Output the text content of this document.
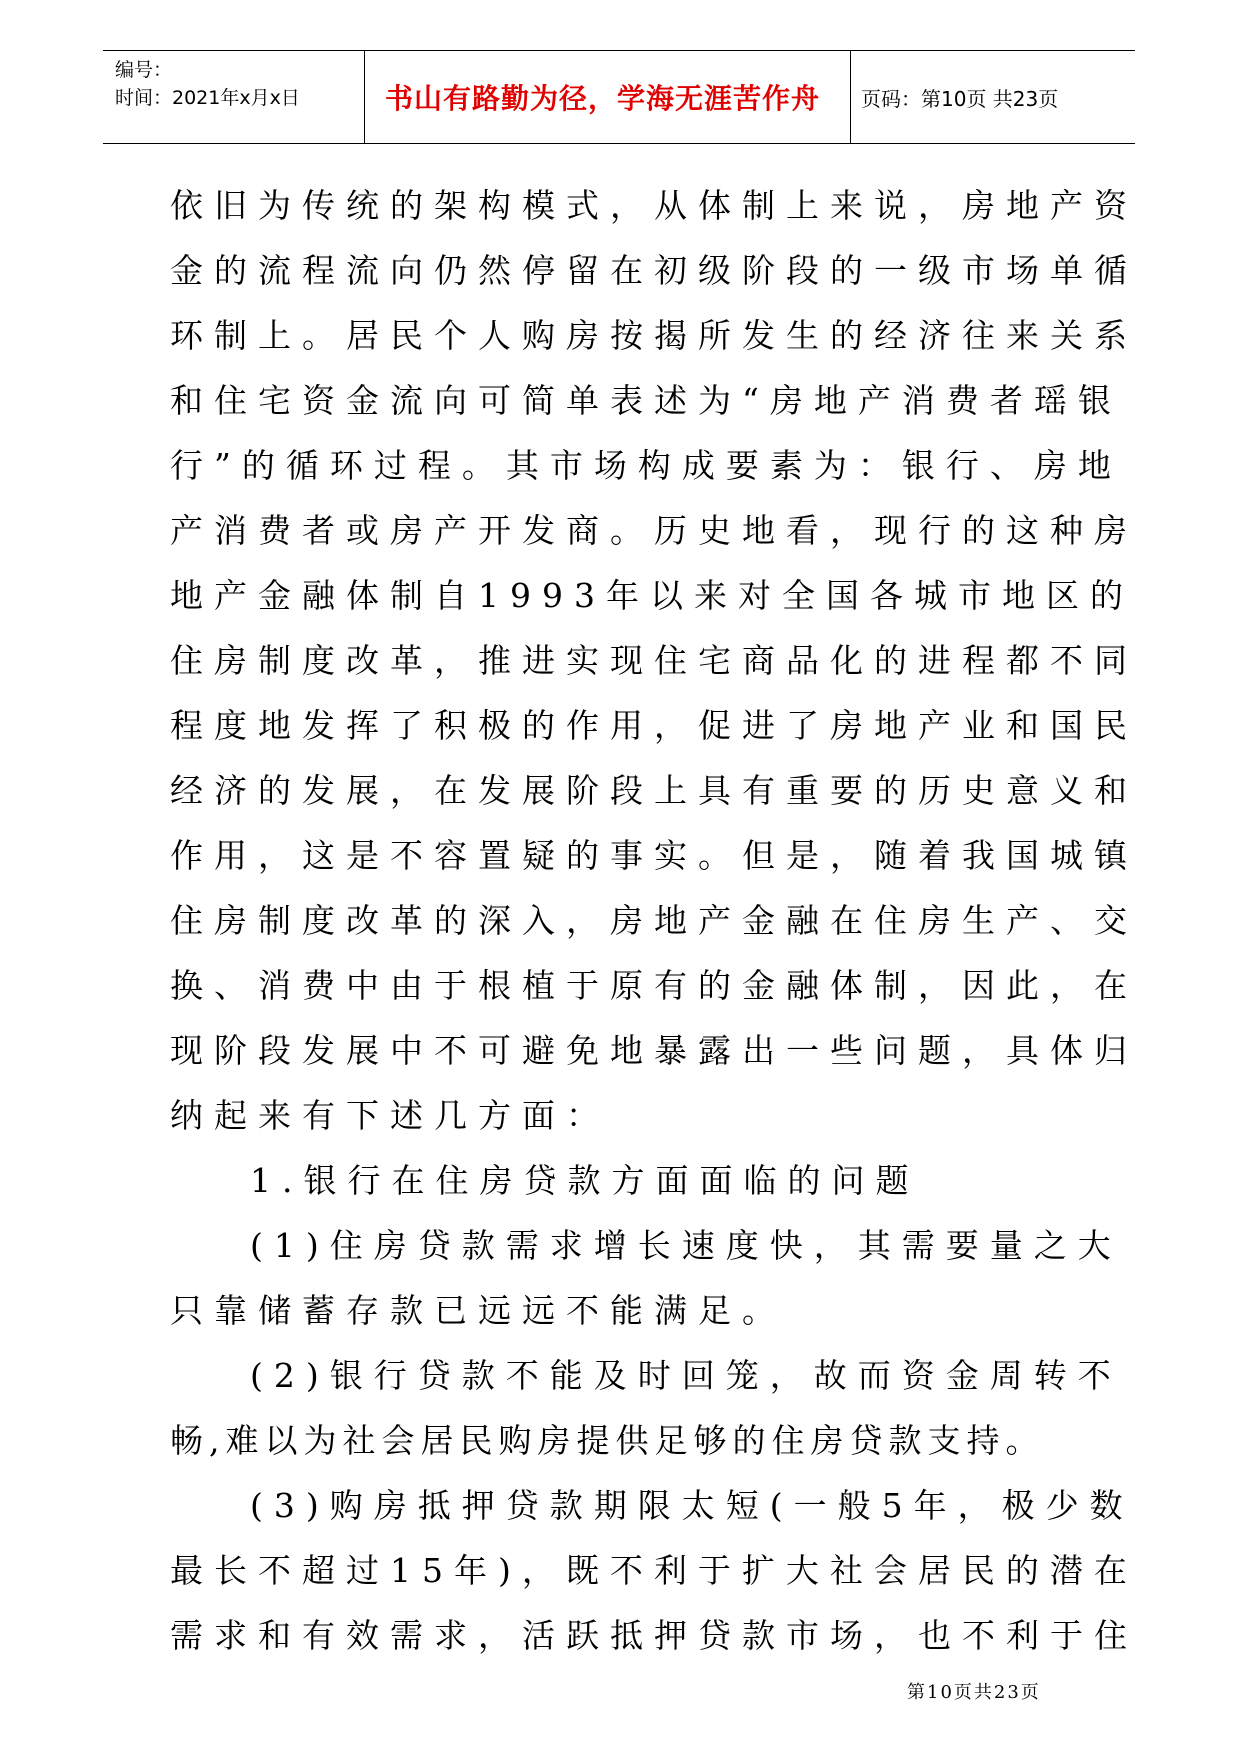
编号：
时间：2021年x月x日	书山有路勤为径，学海无涯苦作舟	页码：第10页 共23页
依旧为传统的架构模式，从体制上来说，房地产资
金的流程流向仍然停留在初级阶段的一级市场单循
环制上。居民个人购房按揭所发生的经济往来关系
和住宅资金流向可简单表述为“房地产消费者瑶银
行”的循环过程。其市场构成要素为：银行、房地
产消费者或房产开发商。历史地看，现行的这种房
地产金融体制自1993年以来对全国各城市地区的
住房制度改革，推进实现住宅商品化的进程都不同
程度地发挥了积极的作用，促进了房地产业和国民
经济的发展，在发展阶段上具有重要的历史意义和
作用，这是不容置疑的事实。但是，随着我国城镇
住房制度改革的深入，房地产金融在住房生产、交
换、消费中由于根植于原有的金融体制，因此，在
现阶段发展中不可避免地暴露出一些问题，具体归
纳起来有下述几方面：
1.银行在住房贷款方面面临的问题
(1)住房贷款需求增长速度快，其需要量之大
只靠储蓄存款已远远不能满足。
(2)银行贷款不能及时回笼，故而资金周转不
畅,难以为社会居民购房提供足够的住房贷款支持。
(3)购房抵押贷款期限太短(一般5年，极少数
最长不超过15年)，既不利于扩大社会居民的潜在
需求和有效需求，活跃抵押贷款市场，也不利于住
第10页共23页
